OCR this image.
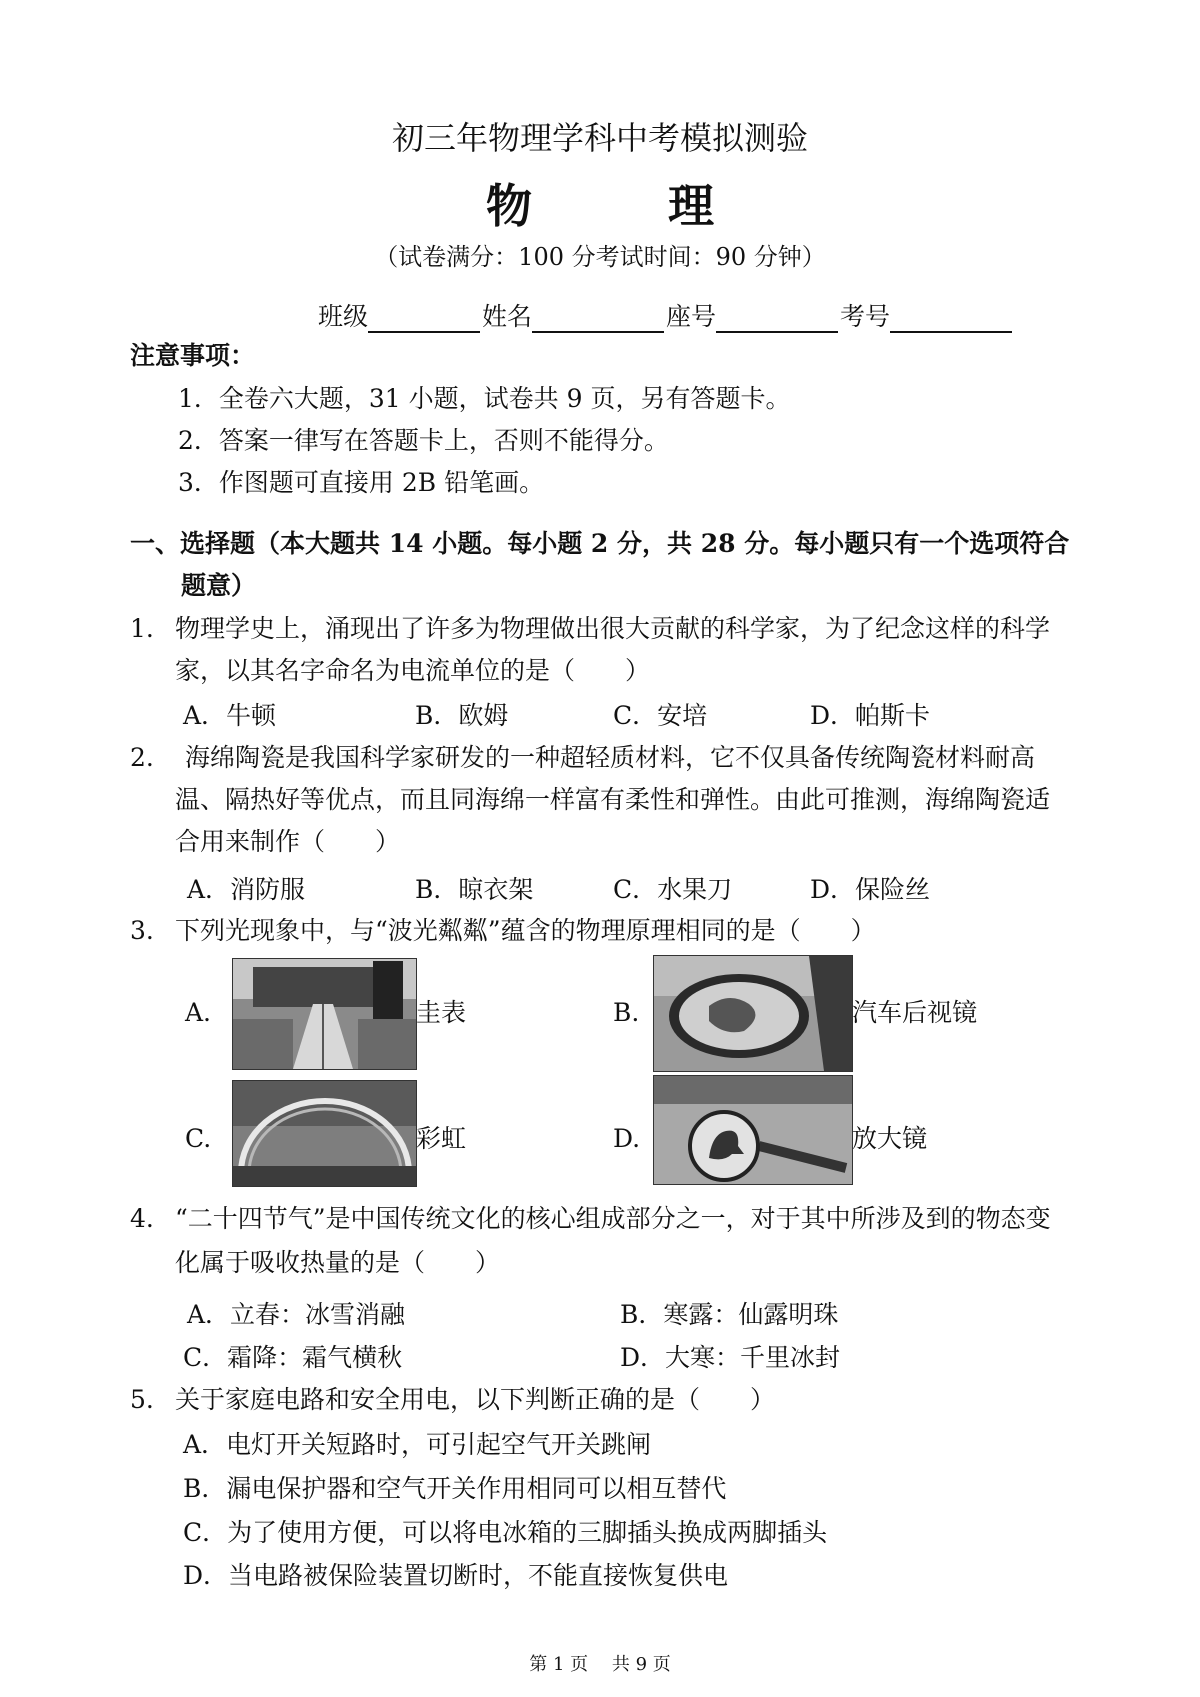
初三年物理学科中考模拟测验
物 理
（试卷满分：100 分考试时间：90 分钟）
班级	姓名	座号	考号
注意事项：
1．全卷六大题，31 小题，试卷共 9 页，另有答题卡。
2．答案一律写在答题卡上，否则不能得分。
3．作图题可直接用 2B 铅笔画。
一、选择题（本大题共 14 小题。每小题 2 分，共 28 分。每小题只有一个选项符合
题意）
1. 物理学史上，涌现出了许多为物理做出很大贡献的科学家，为了纪念这样的科学
家，以其名字命名为电流单位的是（　　）
A．牛顿	B．欧姆	C．安培	D．帕斯卡
2. 海绵陶瓷是我国科学家研发的一种超轻质材料，它不仅具备传统陶瓷材料耐高
温、隔热好等优点，而且同海绵一样富有柔性和弹性。由此可推测，海绵陶瓷适
合用来制作（　　）
A．消防服	B．晾衣架	C．水果刀	D．保险丝
3. 下列光现象中，与“波光粼粼”蕴含的物理原理相同的是（　　）
A.	圭表	B.	汽车后视镜
C.	彩虹	D.	放大镜
4. “二十四节气”是中国传统文化的核心组成部分之一，对于其中所涉及到的物态变
化属于吸收热量的是（　　）
A．立春：冰雪消融	B．寒露：仙露明珠
C．霜降：霜气横秋	D．大寒：千里冰封
5. 关于家庭电路和安全用电，以下判断正确的是（　　）
A．电灯开关短路时，可引起空气开关跳闸
B．漏电保护器和空气开关作用相同可以相互替代
C．为了使用方便，可以将电冰箱的三脚插头换成两脚插头
D．当电路被保险装置切断时，不能直接恢复供电
第 1 页　 共 9 页
